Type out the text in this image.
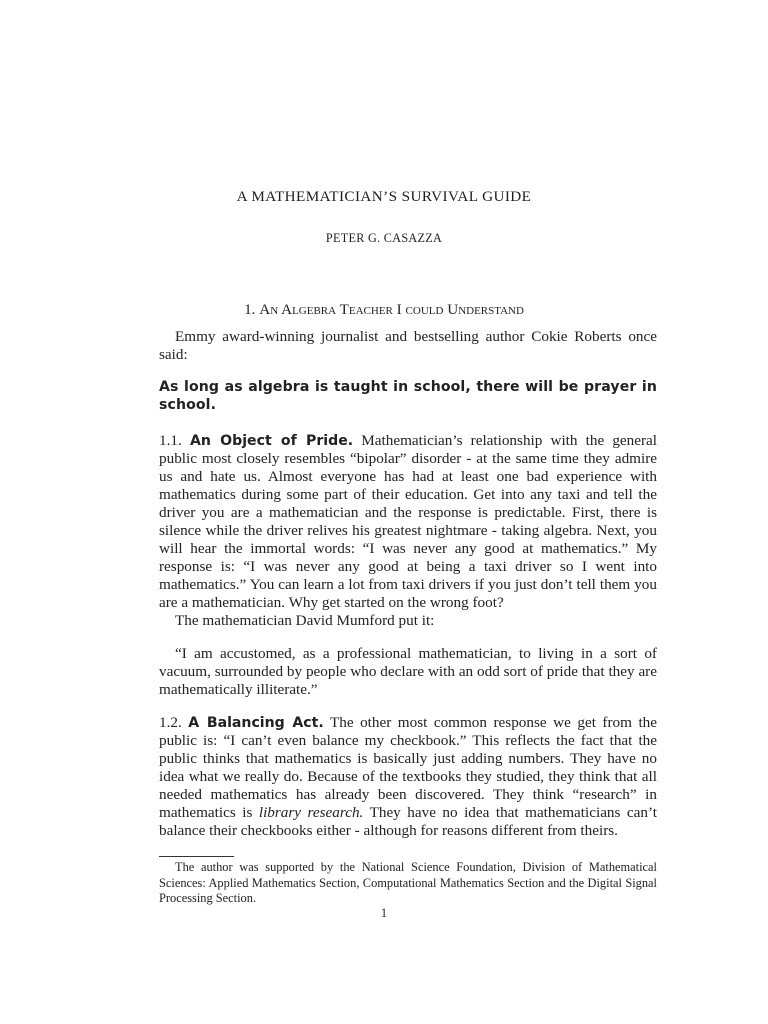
A MATHEMATICIAN’S SURVIVAL GUIDE
PETER G. CASAZZA
1. An Algebra Teacher I could Understand

Emmy award-winning journalist and bestselling author Cokie Roberts once said:

As long as algebra is taught in school, there will be prayer in school.

1.1. An Object of Pride. Mathematician’s relationship with the general public most closely resembles “bipolar” disorder - at the same time they admire us and hate us. Almost everyone has had at least one bad experience with mathematics during some part of their education. Get into any taxi and tell the driver you are a mathematician and the response is predictable. First, there is silence while the driver relives his greatest nightmare - taking algebra. Next, you will hear the immortal words: “I was never any good at mathematics.” My response is: “I was never any good at being a taxi driver so I went into mathematics.” You can learn a lot from taxi drivers if you just don’t tell them you are a mathematician. Why get started on the wrong foot?

The mathematician David Mumford put it:

“I am accustomed, as a professional mathematician, to living in a sort of vacuum, surrounded by people who declare with an odd sort of pride that they are mathematically illiterate.”

1.2. A Balancing Act. The other most common response we get from the public is: “I can’t even balance my checkbook.” This reflects the fact that the public thinks that mathematics is basically just adding numbers. They have no idea what we really do. Because of the textbooks they studied, they think that all needed mathematics has already been discovered. They think “research” in mathematics is library research. They have no idea that mathematicians can’t balance their checkbooks either - although for reasons different from theirs.

The author was supported by the National Science Foundation, Division of Mathematical Sciences: Applied Mathematics Section, Computational Mathematics Section and the Digital Signal Processing Section.

1
